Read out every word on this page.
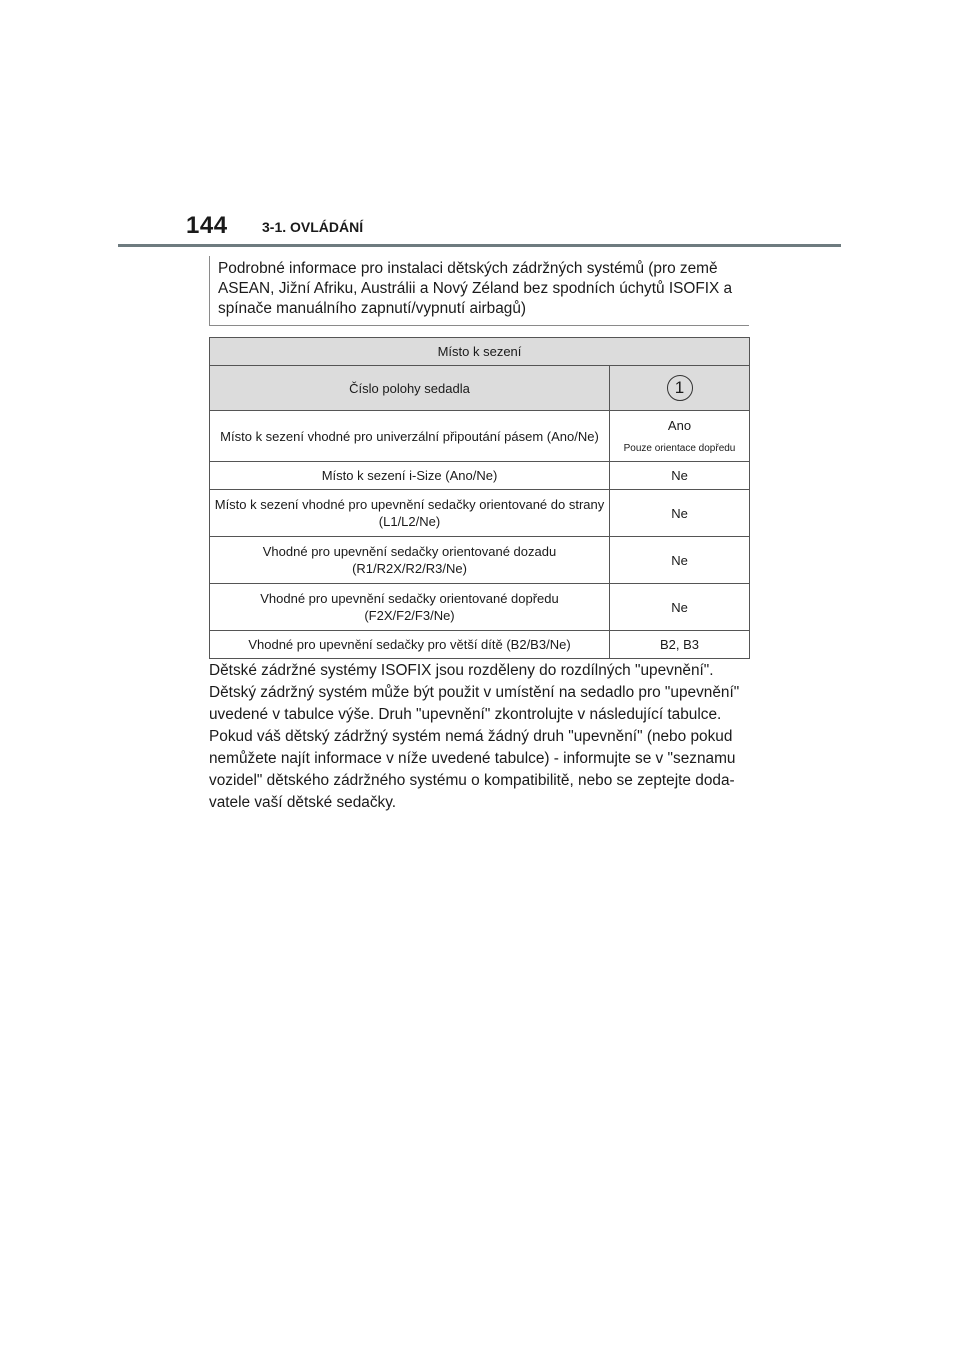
144 3-1. OVLÁDÁNÍ

Podrobné informace pro instalaci dětských zádržných systémů (pro země ASEAN, Jižní Afriku, Austrálii a Nový Zéland bez spodních úchytů ISOFIX a spínače manuálního zapnutí/vypnutí airbagů)

Místo k sezení	
Číslo polohy sedadla	1
Místo k sezení vhodné pro univerzální připoutání pásem (Ano/Ne)	Ano
Pouze orientace dopředu

Místo k sezení i-Size (Ano/Ne)	Ne
Místo k sezení vhodné pro upevnění sedačky orientované do strany (L1/L2/Ne)	Ne
Vhodné pro upevnění sedačky orientované dozadu (R1/R2X/R2/R3/Ne)	Ne
Vhodné pro upevnění sedačky orientované dopředu (F2X/F2/F3/Ne)	Ne
Vhodné pro upevnění sedačky pro větší dítě (B2/B3/Ne)	B2, B3

Dětské zádržné systémy ISOFIX jsou rozděleny do rozdílných "upevnění". Dětský zádržný systém může být použit v umístění na sedadlo pro "upevnění" uvedené v tabulce výše. Druh "upevnění" zkontrolujte v následující tabulce. Pokud váš dětský zádržný systém nemá žádný druh "upevnění" (nebo pokud nemůžete najít informace v níže uvedené tabulce) - informujte se v "seznamu vozidel" dětského zádržného systému o kompatibilitě, nebo se zeptejte doda-vatele vaší dětské sedačky.
